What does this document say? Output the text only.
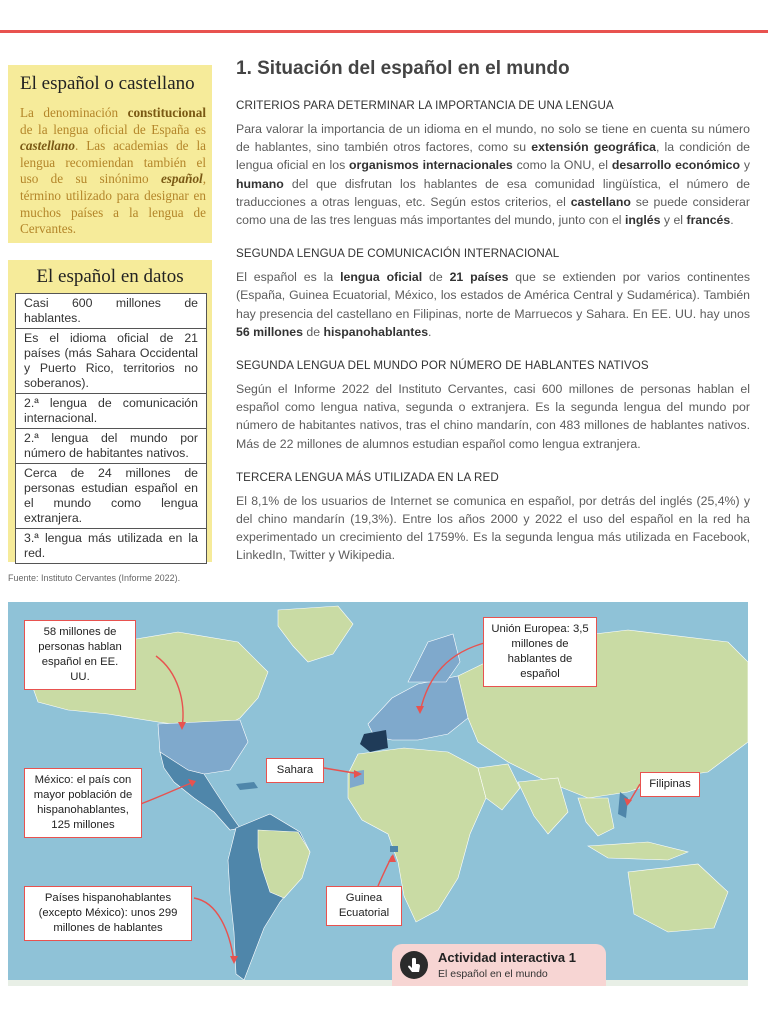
El español o castellano
La denominación constitucional de la lengua oficial de España es castellano. Las academias de la lengua recomiendan también el uso de su sinónimo español, término utilizado para designar en muchos países a la lengua de Cervantes.
El español en datos
Casi 600 millones de hablantes.
Es el idioma oficial de 21 países (más Sahara Occidental y Puerto Rico, territorios no soberanos).
2.ª lengua de comunicación internacional.
2.ª lengua del mundo por número de habitantes nativos.
Cerca de 24 millones de personas estudian español en el mundo como lengua extranjera.
3.ª lengua más utilizada en la red.
Fuente: Instituto Cervantes (Informe 2022).
1. Situación del español en el mundo
CRITERIOS PARA DETERMINAR LA IMPORTANCIA DE UNA LENGUA

Para valorar la importancia de un idioma en el mundo, no solo se tiene en cuenta su número de hablantes, sino también otros factores, como su extensión geográfica, la condición de lengua oficial en los organismos internacionales como la ONU, el desarrollo económico y humano del que disfrutan los hablantes de esa comunidad lingüística, el número de traducciones a otras lenguas, etc. Según estos criterios, el castellano se puede considerar como una de las tres lenguas más importantes del mundo, junto con el inglés y el francés.

SEGUNDA LENGUA DE COMUNICACIÓN INTERNACIONAL

El español es la lengua oficial de 21 países que se extienden por varios continentes (España, Guinea Ecuatorial, México, los estados de América Central y Sudamérica). También hay presencia del castellano en Filipinas, norte de Marruecos y Sahara. En EE. UU. hay unos 56 millones de hispanohablantes.

SEGUNDA LENGUA DEL MUNDO POR NÚMERO DE HABLANTES NATIVOS

Según el Informe 2022 del Instituto Cervantes, casi 600 millones de personas hablan el español como lengua nativa, segunda o extranjera. Es la segunda lengua del mundo por número de habitantes nativos, tras el chino mandarín, con 483 millones de hablantes nativos. Más de 22 millones de alumnos estudian español como lengua extranjera.

TERCERA LENGUA MÁS UTILIZADA EN LA RED

El 8,1% de los usuarios de Internet se comunica en español, por detrás del inglés (25,4%) y del chino mandarín (19,3%). Entre los años 2000 y 2022 el uso del español en la red ha experimentado un crecimiento del 1759%. Es la segunda lengua más utilizada en Facebook, LinkedIn, Twitter y Wikipedia.

58 millones de personas hablan español en EE. UU.
Unión Europea: 3,5 millones de hablantes de español
Sahara
Filipinas
México: el país con mayor población de hispanohablantes, 125 millones
Guinea Ecuatorial
Países hispanohablantes (excepto México): unos 299 millones de hablantes
Actividad interactiva 1
El español en el mundo
